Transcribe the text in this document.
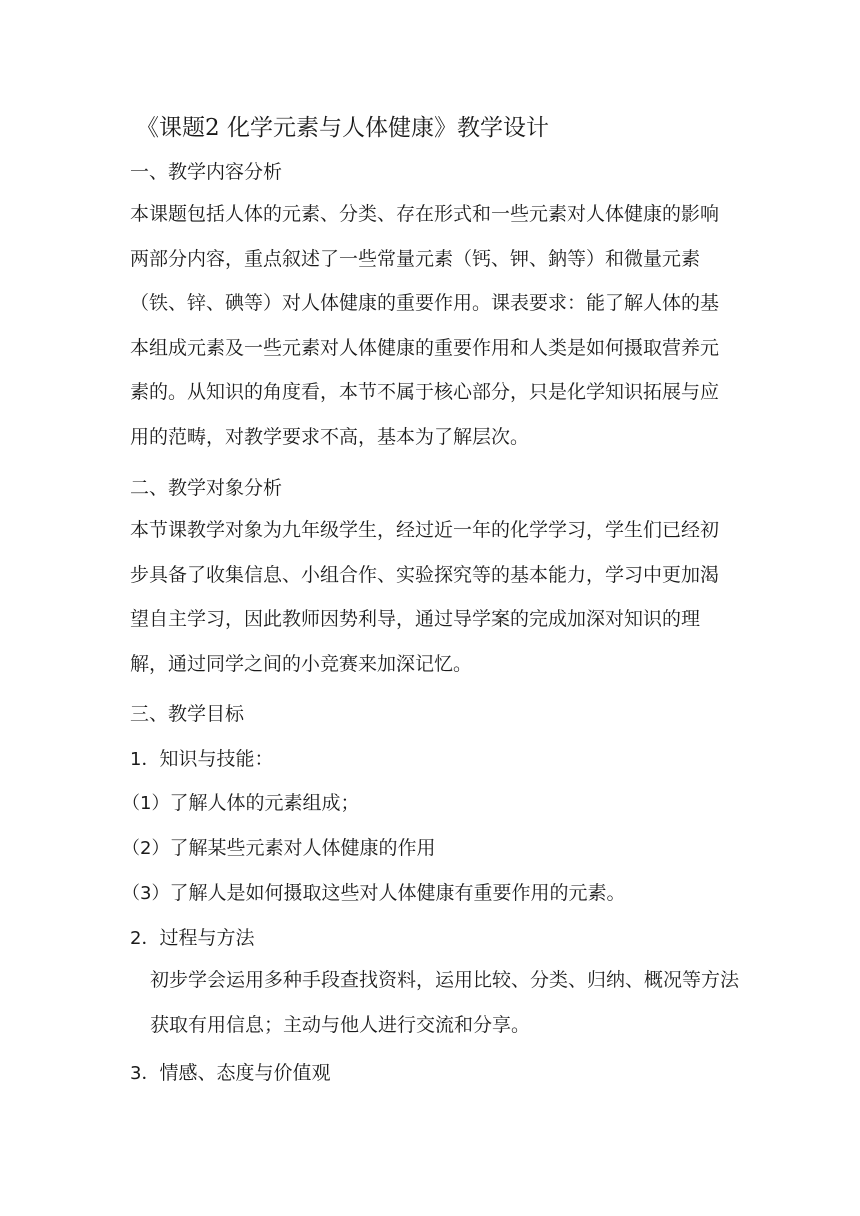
《课题2 化学元素与人体健康》教学设计
一、教学内容分析
本课题包括人体的元素、分类、存在形式和一些元素对人体健康的影响两部分内容，重点叙述了一些常量元素（钙、钾、鈉等）和微量元素（铁、锌、碘等）对人体健康的重要作用。课表要求：能了解人体的基本组成元素及一些元素对人体健康的重要作用和人类是如何摄取营养元素的。从知识的角度看，本节不属于核心部分，只是化学知识拓展与应用的范畴，对教学要求不高，基本为了解层次。
二、教学对象分析
本节课教学对象为九年级学生，经过近一年的化学学习，学生们已经初步具备了收集信息、小组合作、实验探究等的基本能力，学习中更加渴望自主学习，因此教师因势利导，通过导学案的完成加深对知识的理解，通过同学之间的小竞赛来加深记忆。
三、教学目标
1．知识与技能：
（1）了解人体的元素组成；
（2）了解某些元素对人体健康的作用
（3）了解人是如何摄取这些对人体健康有重要作用的元素。
2．过程与方法
初步学会运用多种手段查找资料，运用比较、分类、归纳、概况等方法获取有用信息；主动与他人进行交流和分享。
3．情感、态度与价值观
